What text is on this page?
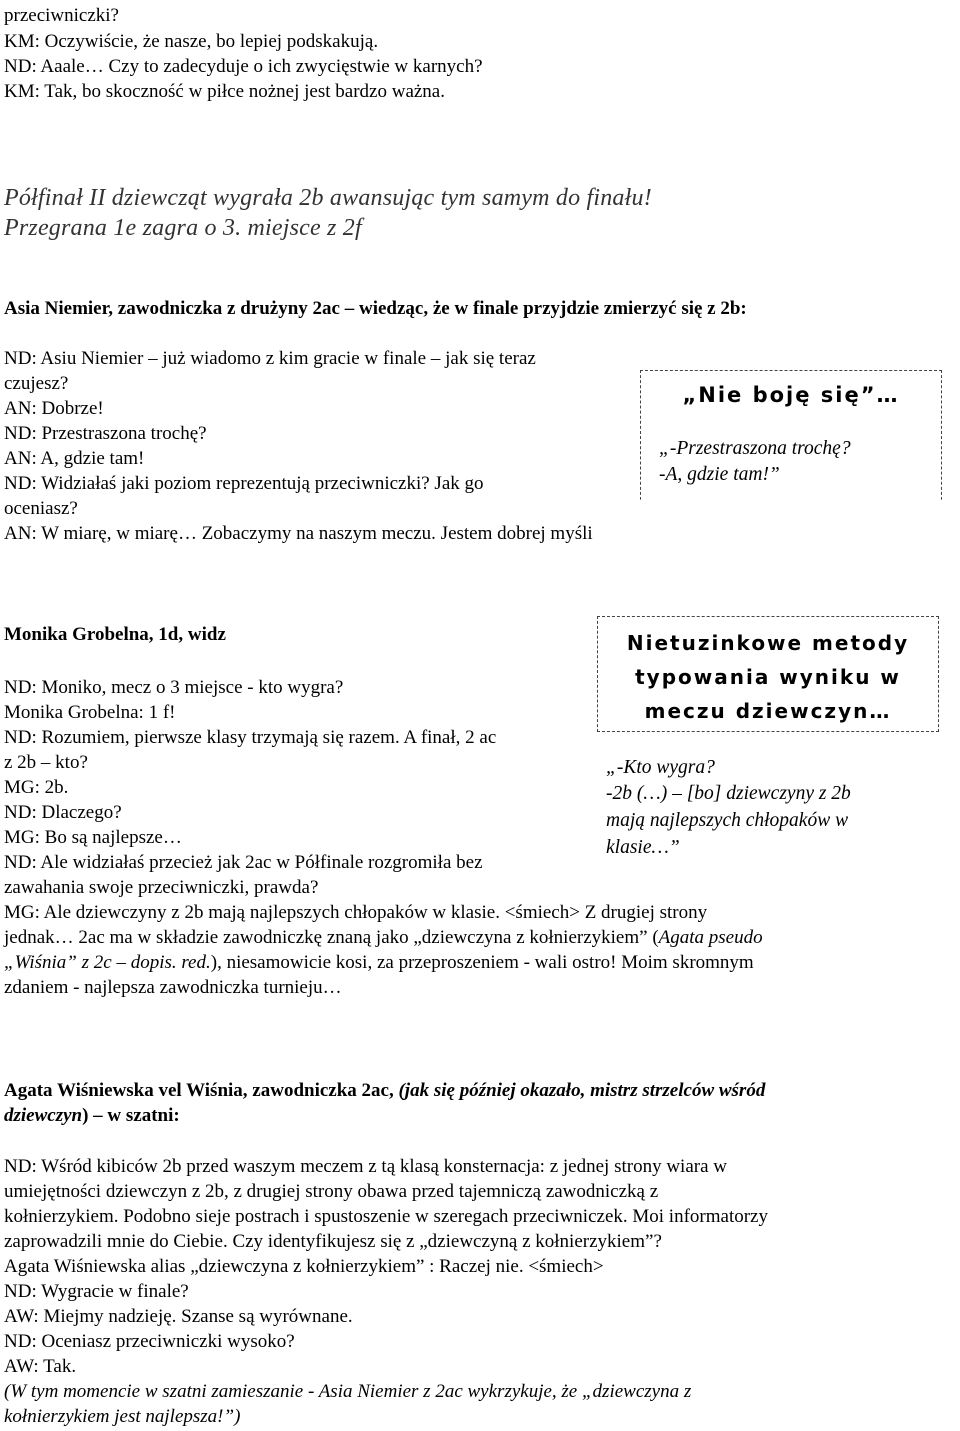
przeciwniczki?
KM: Oczywiście, że nasze, bo lepiej podskakują.
ND: Aaale… Czy to zadecyduje o ich zwycięstwie w karnych?
KM: Tak, bo skoczność w piłce nożnej jest bardzo ważna.
Półfinał II dziewcząt wygrała 2b awansując tym samym do finału!
Przegrana 1e zagra o 3. miejsce z 2f
Asia Niemier, zawodniczka z drużyny 2ac – wiedząc, że w finale przyjdzie zmierzyć się z 2b:
ND: Asiu Niemier – już wiadomo z kim gracie w finale – jak się teraz
czujesz?
AN: Dobrze!
ND: Przestraszona trochę?
AN: A, gdzie tam!
ND: Widziałaś jaki poziom reprezentują przeciwniczki? Jak go
oceniasz?
AN: W miarę, w miarę… Zobaczymy na naszym meczu. Jestem dobrej myśli
„Nie boję się”…
„-Przestraszona trochę?
-A, gdzie tam!”
Monika Grobelna, 1d, widz
ND: Moniko, mecz o 3 miejsce - kto wygra?
Monika Grobelna: 1 f!
ND: Rozumiem, pierwsze klasy trzymają się razem. A finał, 2 ac
z 2b – kto?
MG: 2b.
ND: Dlaczego?
MG: Bo są najlepsze…
ND: Ale widziałaś przecież jak 2ac w Półfinale rozgromiła bez
zawahania swoje przeciwniczki, prawda?
MG: Ale dziewczyny z 2b mają najlepszych chłopaków w klasie. <śmiech> Z drugiej strony
jednak… 2ac ma w składzie zawodniczkę znaną jako „dziewczyna z kołnierzykiem” (Agata pseudo
„Wiśnia” z 2c – dopis. red.), niesamowicie kosi, za przeproszeniem - wali ostro! Moim skromnym
zdaniem - najlepsza zawodniczka turnieju…
Nietuzinkowe metody
typowania wyniku w
meczu dziewczyn…
„-Kto wygra?
-2b (…) – [bo] dziewczyny z 2b
mają najlepszych chłopaków w
klasie…”
Agata Wiśniewska vel Wiśnia, zawodniczka 2ac, (jak się później okazało, mistrz strzelców wśród
dziewczyn) – w szatni:
ND: Wśród kibiców 2b przed waszym meczem z tą klasą konsternacja: z jednej strony wiara w
umiejętności dziewczyn z 2b, z drugiej strony obawa przed tajemniczą zawodniczką z
kołnierzykiem. Podobno sieje postrach i spustoszenie w szeregach przeciwniczek. Moi informatorzy
zaprowadzili mnie do Ciebie. Czy identyfikujesz się z „dziewczyną z kołnierzykiem”?
Agata Wiśniewska alias „dziewczyna z kołnierzykiem” : Raczej nie. <śmiech>
ND: Wygracie w finale?
AW: Miejmy nadzieję. Szanse są wyrównane.
ND: Oceniasz przeciwniczki wysoko?
AW: Tak.
(W tym momencie w szatni zamieszanie - Asia Niemier z 2ac wykrzykuje, że „dziewczyna z
kołnierzykiem jest najlepsza!”)
